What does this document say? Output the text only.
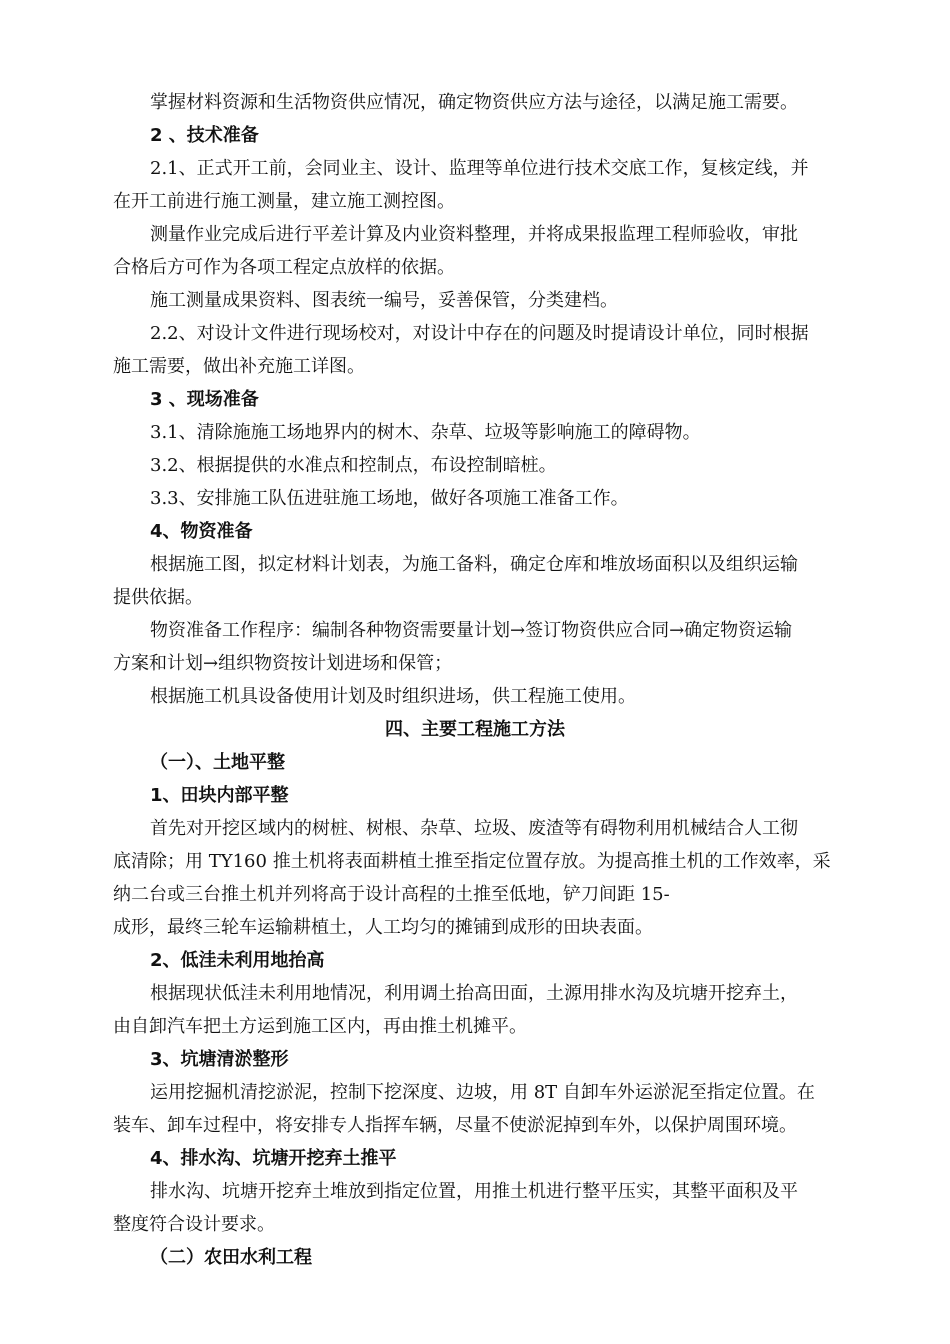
掌握材料资源和生活物资供应情况，确定物资供应方法与途径，以满足施工需要。
2 、技术准备
2.1、正式开工前，会同业主、设计、监理等单位进行技术交底工作，复核定线，并
在开工前进行施工测量，建立施工测控图。
测量作业完成后进行平差计算及内业资料整理，并将成果报监理工程师验收，审批
合格后方可作为各项工程定点放样的依据。
施工测量成果资料、图表统一编号，妥善保管，分类建档。
2.2、对设计文件进行现场校对，对设计中存在的问题及时提请设计单位，同时根据
施工需要，做出补充施工详图。
3 、现场准备
3.1、清除施施工场地界内的树木、杂草、垃圾等影响施工的障碍物。
3.2、根据提供的水准点和控制点，布设控制暗桩。
3.3、安排施工队伍进驻施工场地，做好各项施工准备工作。
4、物资准备
根据施工图，拟定材料计划表，为施工备料，确定仓库和堆放场面积以及组织运输
提供依据。
物资准备工作程序：编制各种物资需要量计划→签订物资供应合同→确定物资运输
方案和计划→组织物资按计划进场和保管；
根据施工机具设备使用计划及时组织进场，供工程施工使用。
四、主要工程施工方法
（一）、土地平整
1、田块内部平整
首先对开挖区域内的树桩、树根、杂草、垃圾、废渣等有碍物利用机械结合人工彻
底清除；用 TY160 推土机将表面耕植土推至指定位置存放。为提高推土机的工作效率，采
纳二台或三台推土机并列将高于设计高程的土推至低地，铲刀间距 15-
成形，最终三轮车运输耕植土，人工均匀的摊铺到成形的田块表面。
2、低洼未利用地抬高
根据现状低洼未利用地情况，利用调土抬高田面，土源用排水沟及坑塘开挖弃土，
由自卸汽车把土方运到施工区内，再由推土机摊平。
3、坑塘清淤整形
运用挖掘机清挖淤泥，控制下挖深度、边坡，用 8T 自卸车外运淤泥至指定位置。在
装车、卸车过程中，将安排专人指挥车辆，尽量不使淤泥掉到车外，以保护周围环境。
4、排水沟、坑塘开挖弃土推平
排水沟、坑塘开挖弃土堆放到指定位置，用推土机进行整平压实，其整平面积及平
整度符合设计要求。
（二）农田水利工程
